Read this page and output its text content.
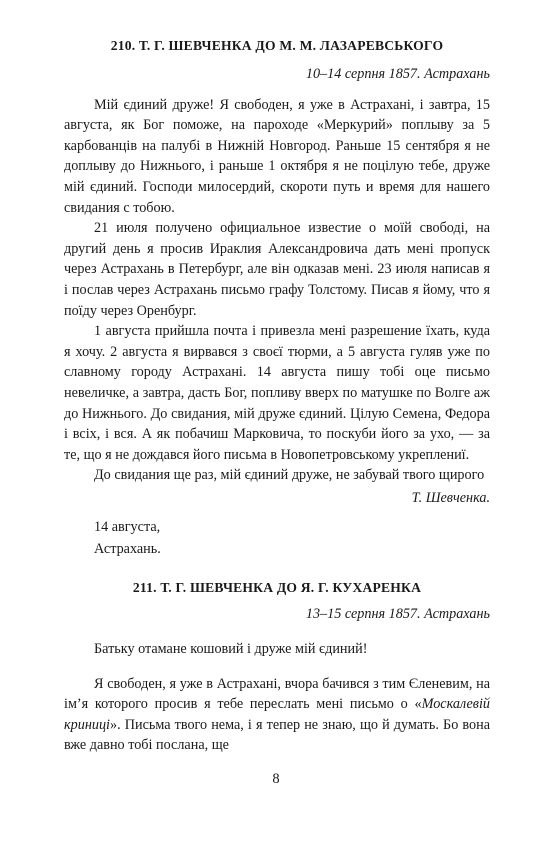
210. Т. Г. ШЕВЧЕНКА ДО М. М. ЛАЗАРЕВСЬКОГО
10–14 серпня 1857. Астрахань

Мій єдиний друже! Я свободен, я уже в Астрахані, і завтра, 15 августа, як Бог поможе, на пароходе «Меркурий» поплыву за 5 карбованців на палубі в Нижній Новгород. Раньше 15 сентября я не доплыву до Нижнього, і раньше 1 октября я не поцілую тебе, друже мій єдиний. Господи милосердий, скорoти путь и время для нашего свидания с тобою.

21 июля получено официальное известие о моїй свободі, на другий день я просив Ираклия Александровича дать мені пропуск через Астрахань в Петербург, але він одказав мені. 23 июля написав я і послав через Астрахань письмо графу Толстому. Писав я йому, что я поїду через Оренбург.

1 августа прийшла почта і привезла мені разрешение їхать, куда я хочу. 2 августа я вирвався з своєї тюрми, а 5 августа гуляв уже по славному городу Астрахані. 14 августа пишу тобі оце письмо невеличке, а завтра, дасть Бог, попливу вверх по матушке по Волге аж до Нижнього. До свидания, мій друже єдиний. Цілую Семена, Федора і всіх, і вся. А як побачиш Марковича, то поскуби його за ухо, — за те, що я не дождався його письма в Новопетровському укреплениї.

До свидания ще раз, мій єдиний друже, не забувай твого щирого

Т. Шевченка.
14 августа,
Астрахань.
211. Т. Г. ШЕВЧЕНКА ДО Я. Г. КУХАРЕНКА
13–15 серпня 1857. Астрахань

Батьку отамане кошовий і друже мій єдиний!

Я свободен, я уже в Астрахані, вчора бачився з тим Єленевим, на ім’я которого просив я тебе переслать мені письмо о «Москалевій криниці». Письма твого нема, і я тепер не знаю, що й думать. Бо вона вже давно тобі послана, ще

8
